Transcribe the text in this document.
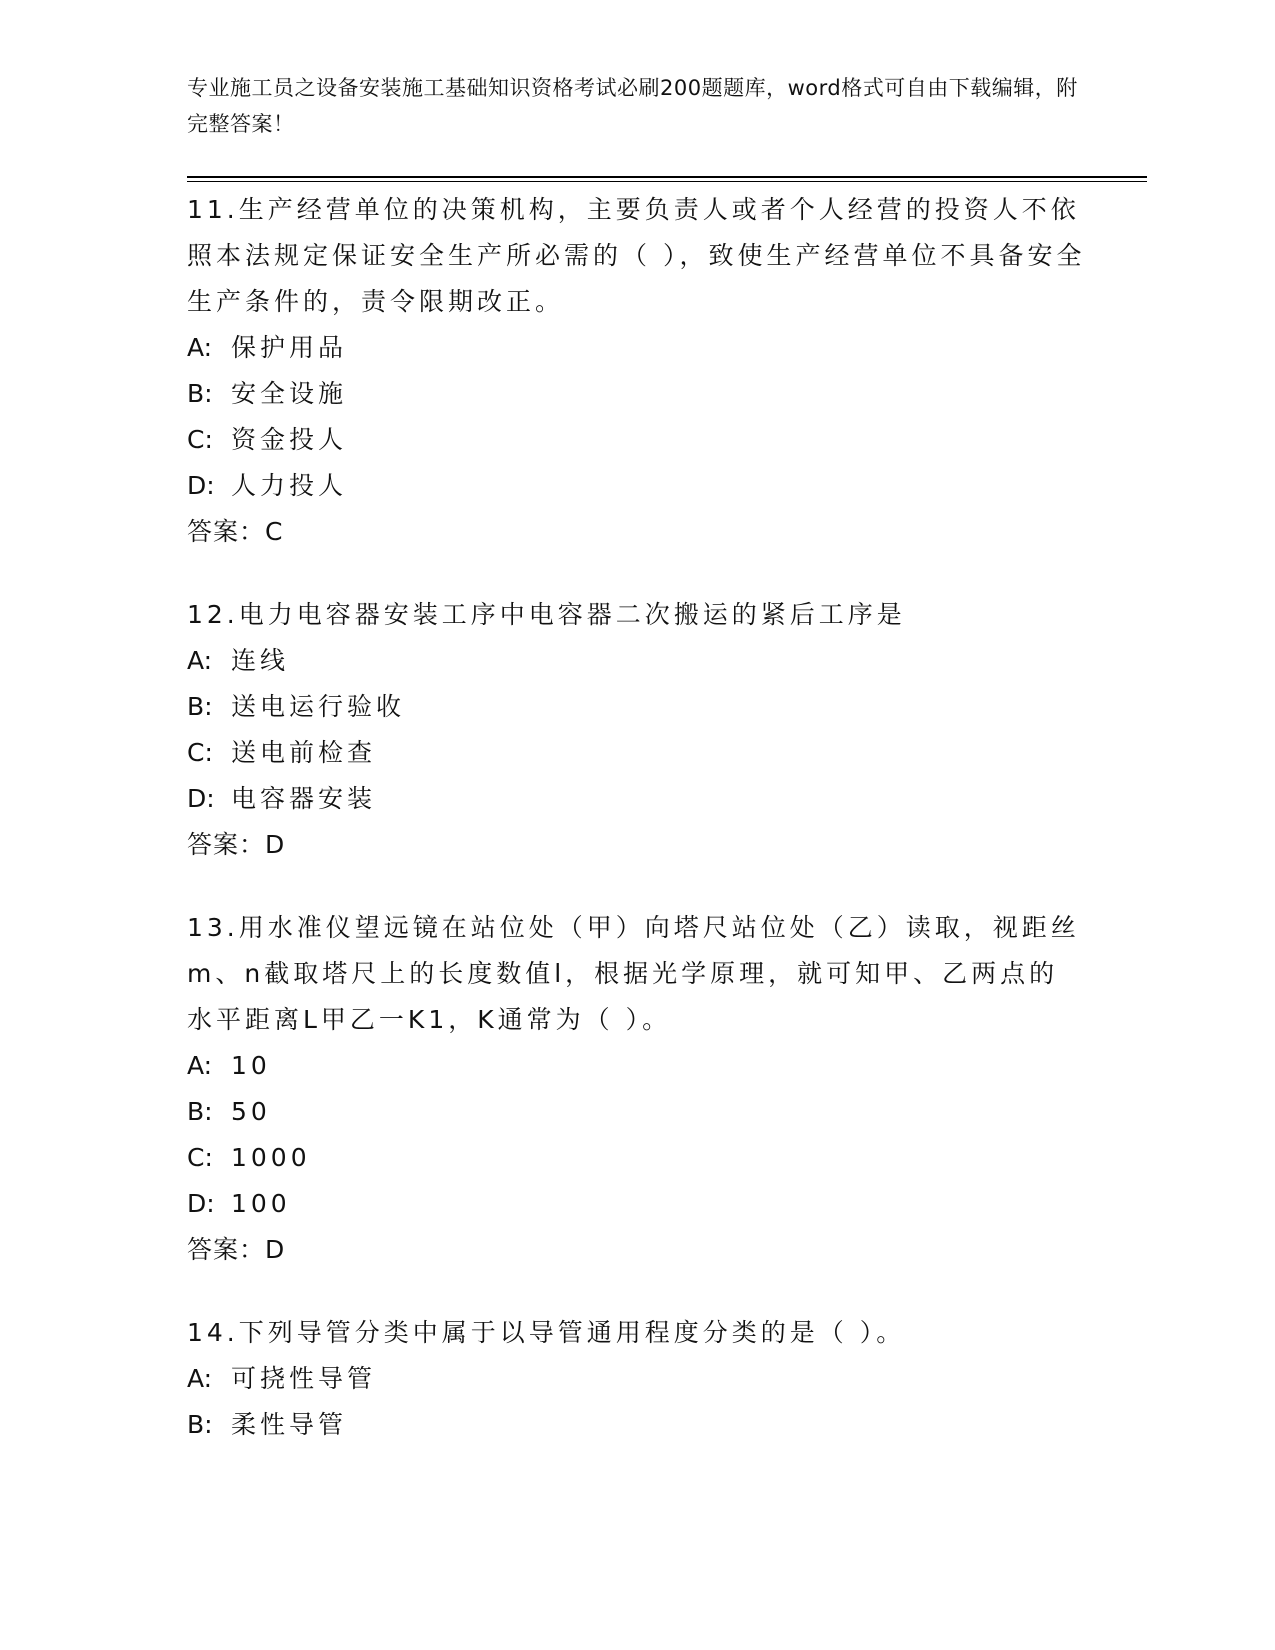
专业施工员之设备安装施工基础知识资格考试必刷200题题库，word格式可自由下载编辑，附完整答案！

11.生产经营单位的决策机构，主要负责人或者个人经营的投资人不依照本法规定保证安全生产所必需的（ ），致使生产经营单位不具备安全生产条件的，责令限期改正。

A: 保护用品
B: 安全设施
C: 资金投人
D: 人力投人
答案：C

12.电力电容器安装工序中电容器二次搬运的紧后工序是

A: 连线
B: 送电运行验收
C: 送电前检查
D: 电容器安装
答案：D

13.用水准仪望远镜在站位处（甲）向塔尺站位处（乙）读取，视距丝m、n截取塔尺上的长度数值l，根据光学原理，就可知甲、乙两点的水平距离L甲乙一K1，K通常为（ ）。

A: 10
B: 50
C: 1000
D: 100
答案：D

14.下列导管分类中属于以导管通用程度分类的是（ ）。

A: 可挠性导管
B: 柔性导管
